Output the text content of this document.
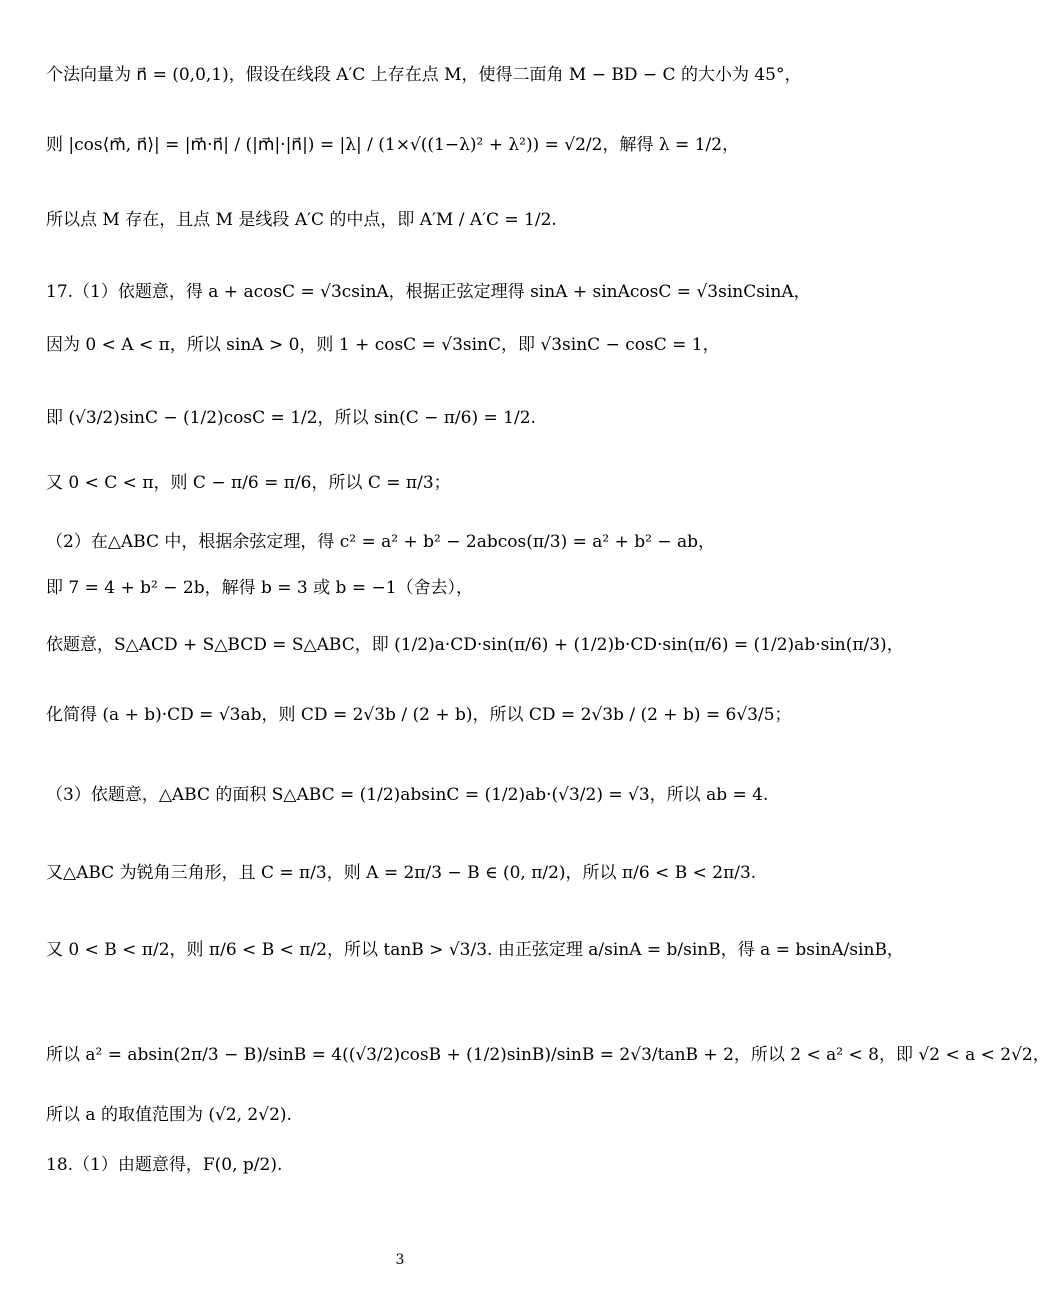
个法向量为 n⃗ = (0,0,1)，假设在线段 A′C 上存在点 M，使得二面角 M − BD − C 的大小为 45°，
则 |cos⟨m⃗, n⃗⟩| = |m⃗·n⃗| / (|m⃗|·|n⃗|) = |λ| / (1×√((1−λ)² + λ²)) = √2/2，解得 λ = 1/2，
所以点 M 存在，且点 M 是线段 A′C 的中点，即 A′M / A′C = 1/2.
17.（1）依题意，得 a + acosC = √3csinA，根据正弦定理得 sinA + sinAcosC = √3sinCsinA，
因为 0 < A < π，所以 sinA > 0，则 1 + cosC = √3sinC，即 √3sinC − cosC = 1，
即 (√3/2)sinC − (1/2)cosC = 1/2，所以 sin(C − π/6) = 1/2.
又 0 < C < π，则 C − π/6 = π/6，所以 C = π/3；
（2）在△ABC 中，根据余弦定理，得 c² = a² + b² − 2abcos(π/3) = a² + b² − ab，
即 7 = 4 + b² − 2b，解得 b = 3 或 b = −1（舍去），
依题意，S△ACD + S△BCD = S△ABC，即 (1/2)a·CD·sin(π/6) + (1/2)b·CD·sin(π/6) = (1/2)ab·sin(π/3)，
化简得 (a + b)·CD = √3ab，则 CD = 2√3b / (2 + b)，所以 CD = 2√3b / (2 + b) = 6√3/5；
（3）依题意，△ABC 的面积 S△ABC = (1/2)absinC = (1/2)ab·(√3/2) = √3，所以 ab = 4.
又△ABC 为锐角三角形，且 C = π/3，则 A = 2π/3 − B ∈ (0, π/2)，所以 π/6 < B < 2π/3.
又 0 < B < π/2，则 π/6 < B < π/2，所以 tanB > √3/3. 由正弦定理 a/sinA = b/sinB，得 a = bsinA/sinB，
所以 a² = absin(2π/3 − B)/sinB = 4((√3/2)cosB + (1/2)sinB)/sinB = 2√3/tanB + 2，所以 2 < a² < 8，即 √2 < a < 2√2，
所以 a 的取值范围为 (√2, 2√2).
18.（1）由题意得，F(0, p/2).
3
